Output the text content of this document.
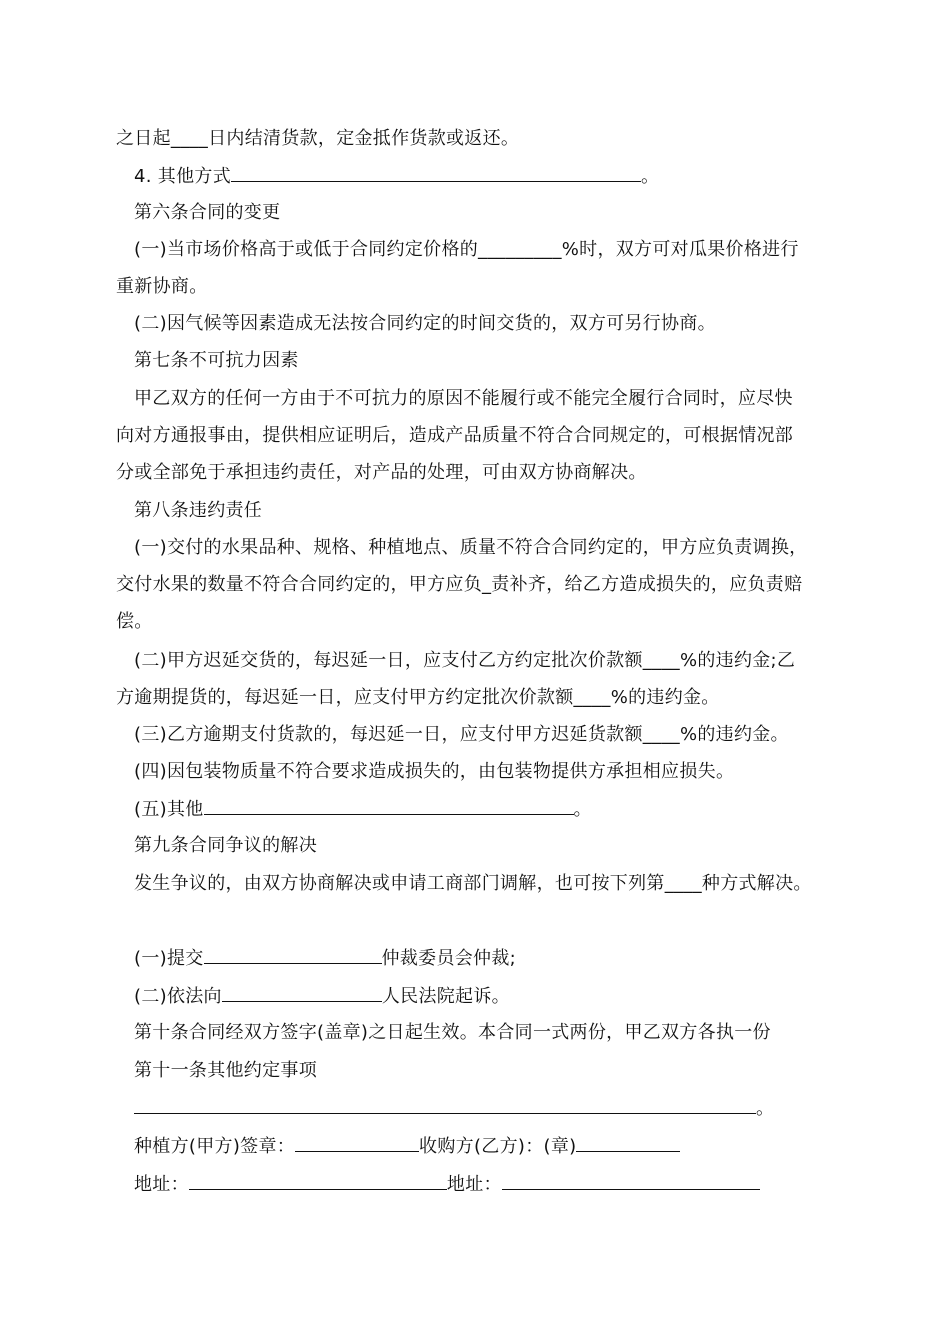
之日起____日内结清货款，定金抵作货款或返还。
4. 其他方式	。
第六条合同的变更
(一)当市场价格高于或低于合同约定价格的_________%时，双方可对瓜果价格进行
重新协商。
(二)因气候等因素造成无法按合同约定的时间交货的，双方可另行协商。
第七条不可抗力因素
甲乙双方的任何一方由于不可抗力的原因不能履行或不能完全履行合同时，应尽快
向对方通报事由，提供相应证明后，造成产品质量不符合合同规定的，可根据情况部
分或全部免于承担违约责任，对产品的处理，可由双方协商解决。
第八条违约责任
(一)交付的水果品种、规格、种植地点、质量不符合合同约定的，甲方应负责调换，
交付水果的数量不符合合同约定的，甲方应负_责补齐，给乙方造成损失的，应负责赔
偿。
(二)甲方迟延交货的，每迟延一日，应支付乙方约定批次价款额____%的违约金;乙
方逾期提货的，每迟延一日，应支付甲方约定批次价款额____%的违约金。
(三)乙方逾期支付货款的，每迟延一日，应支付甲方迟延货款额____%的违约金。
(四)因包装物质量不符合要求造成损失的，由包装物提供方承担相应损失。
(五)其他	。
第九条合同争议的解决
发生争议的，由双方协商解决或申请工商部门调解，也可按下列第____种方式解决。
(一)提交	仲裁委员会仲裁;
(二)依法向	人民法院起诉。
第十条合同经双方签字(盖章)之日起生效。本合同一式两份，甲乙双方各执一份
第十一条其他约定事项
。
种植方(甲方)签章：	收购方(乙方)：(章)
地址：	地址：
